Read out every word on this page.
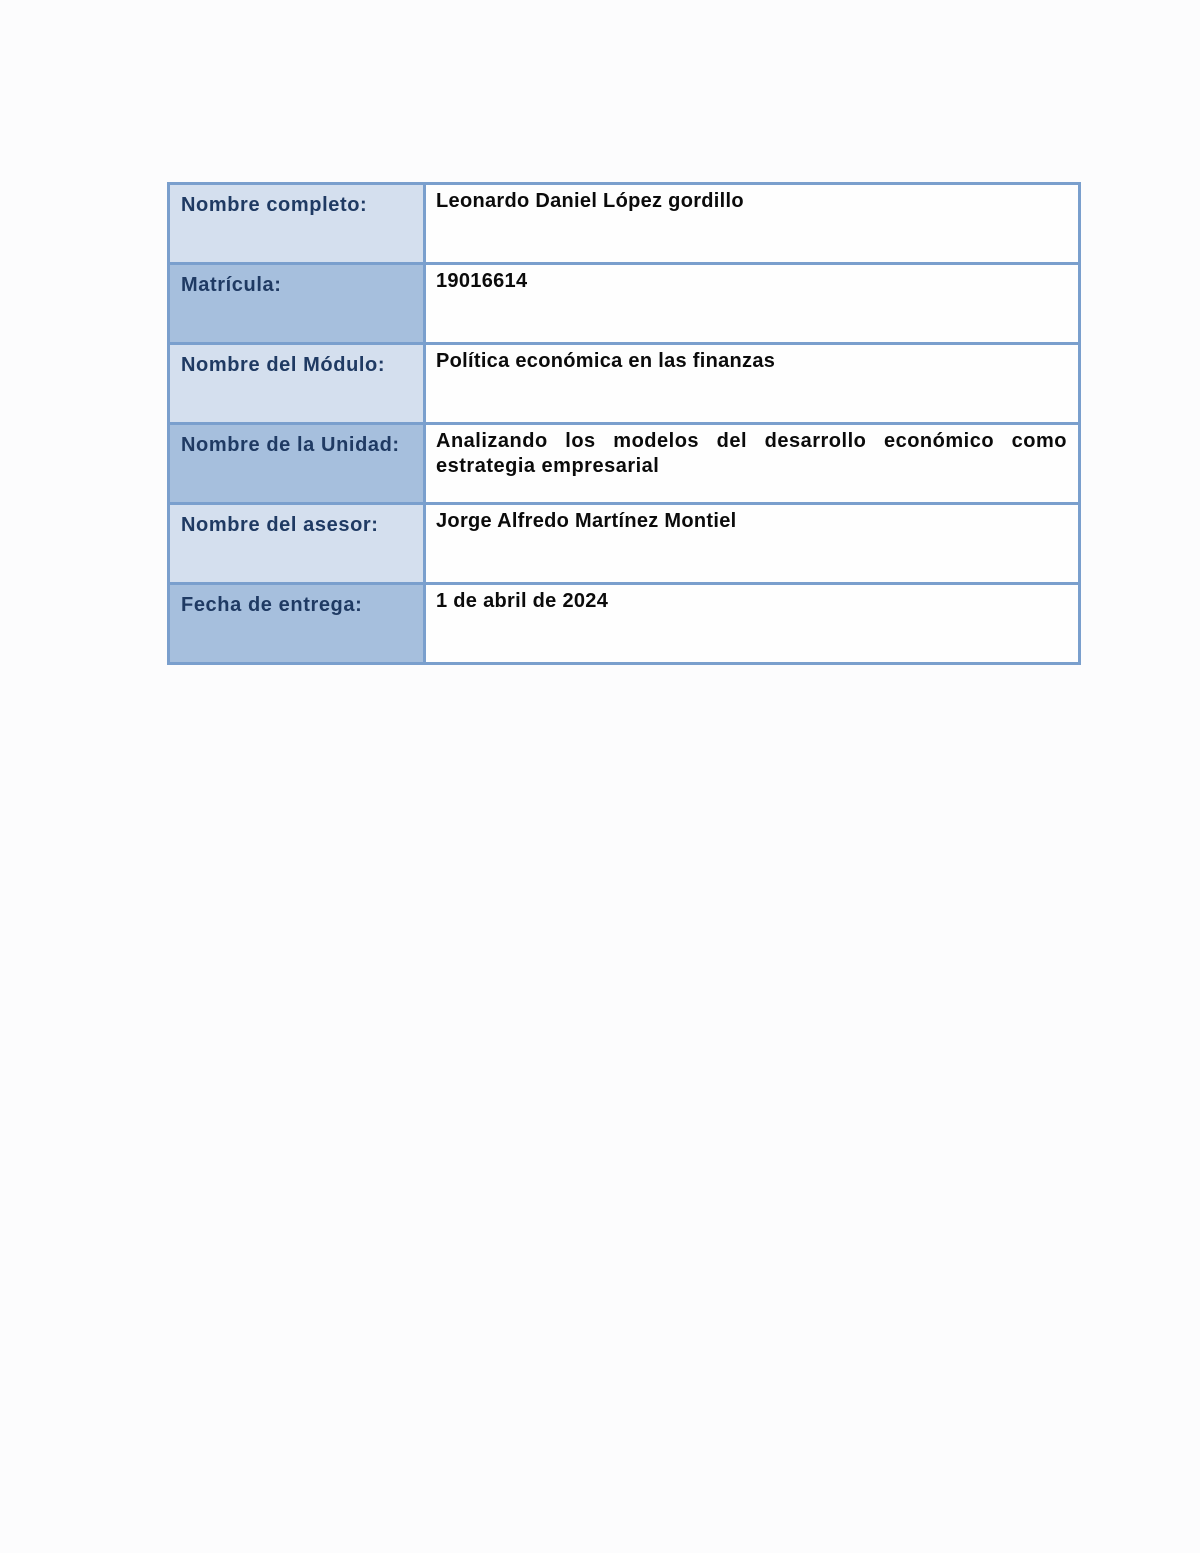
Nombre completo:	Leonardo Daniel López gordillo
Matrícula:	19016614
Nombre del Módulo:	Política económica en las finanzas
Nombre de la Unidad:	Analizando los modelos del desarrollo económico como estrategia empresarial
Nombre del asesor:	Jorge Alfredo Martínez Montiel
Fecha de entrega:	1 de abril de 2024
